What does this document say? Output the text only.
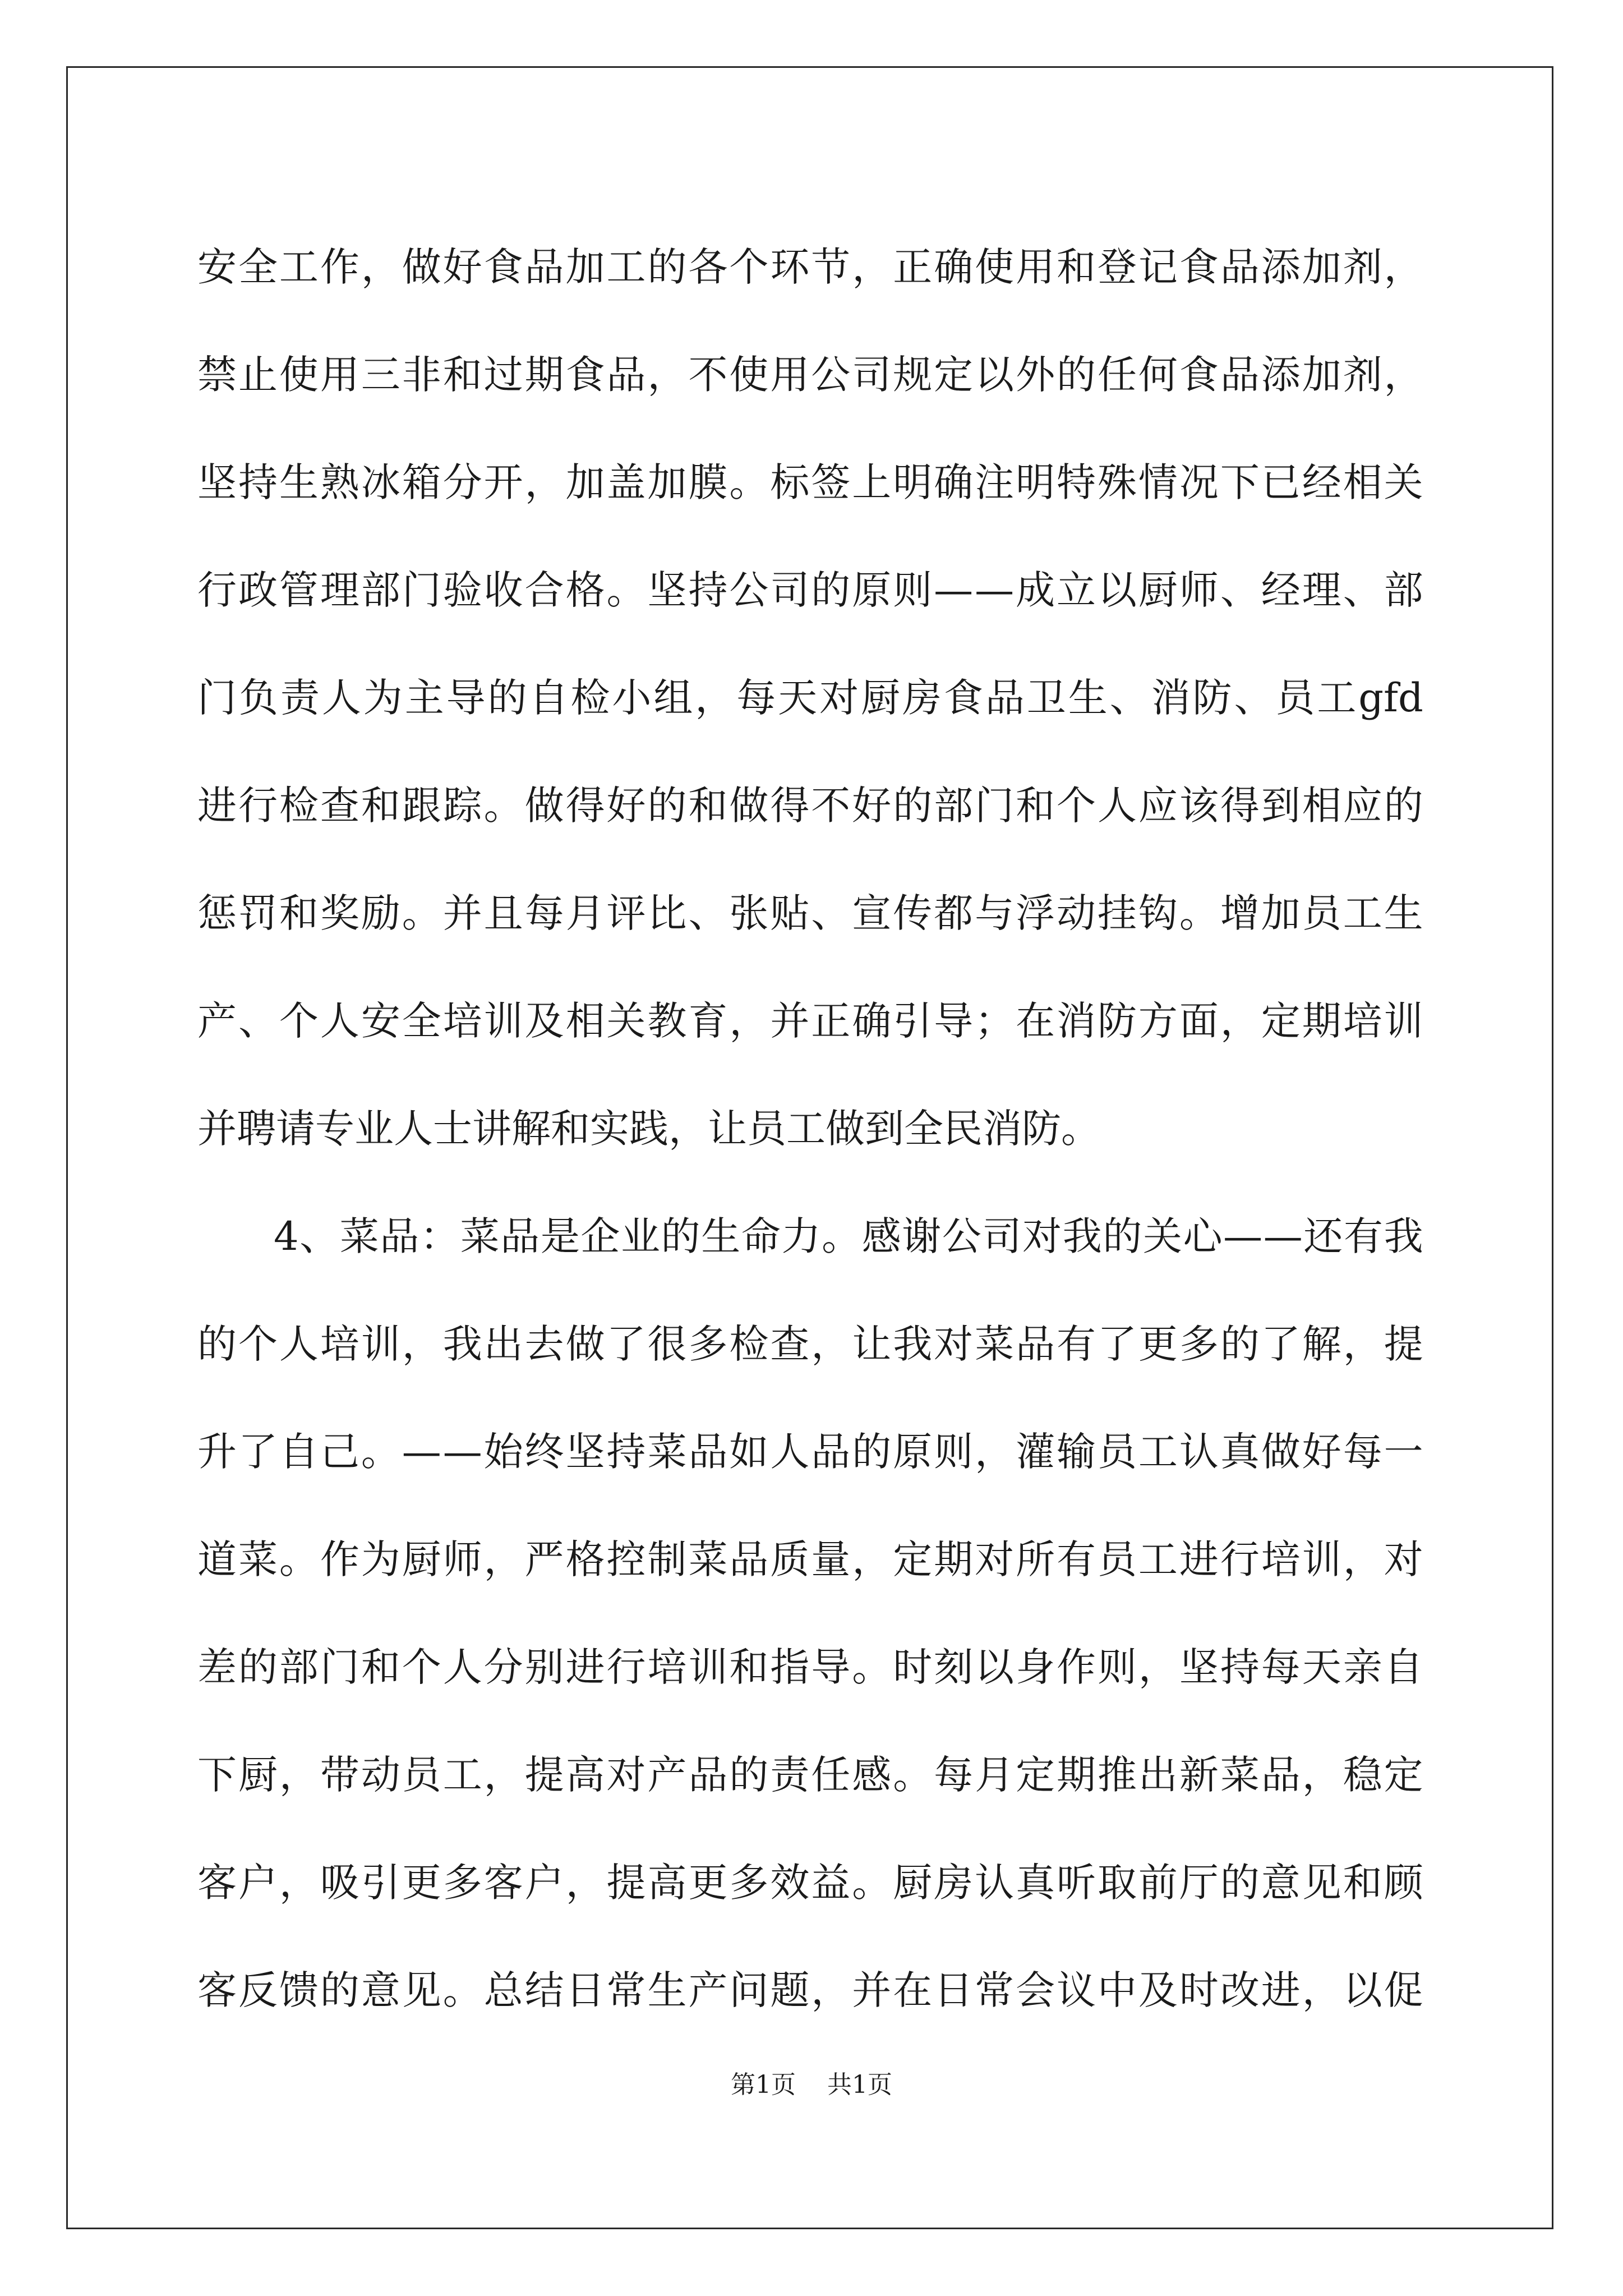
安 全 工 作 ， 做 好 食 品 加 工 的 各 个 环 节 ， 正 确 使 用 和 登 记 食 品 添 加 剂 ，
禁 止 使 用 三 非 和 过 期 食 品 ， 不 使 用 公 司 规 定 以 外 的 任 何 食 品 添 加 剂 ，
坚 持 生 熟 冰 箱 分 开 ， 加 盖 加 膜 。 标 签 上 明 确 注 明 特 殊 情 况 下 已 经 相 关
行 政 管 理 部 门 验 收 合 格 。 坚 持 公 司 的 原 则 — — 成 立 以 厨 师 、 经 理 、 部
门 负 责 人 为 主 导 的 自 检 小 组 ， 每 天 对 厨 房 食 品 卫 生 、 消 防 、 员 工 gfd
进 行 检 查 和 跟 踪 。 做 得 好 的 和 做 得 不 好 的 部 门 和 个 人 应 该 得 到 相 应 的
惩 罚 和 奖 励 。 并 且 每 月 评 比 、 张 贴 、 宣 传 都 与 浮 动 挂 钩 。 增 加 员 工 生
产 、 个 人 安 全 培 训 及 相 关 教 育 ， 并 正 确 引 导 ； 在 消 防 方 面 ， 定 期 培 训
并聘请专业人士讲解和实践，让员工做到全民消防。
4 、 菜 品 ： 菜 品 是 企 业 的 生 命 力 。 感 谢 公 司 对 我 的 关 心 — — 还 有 我
的 个 人 培 训 ， 我 出 去 做 了 很 多 检 查 ， 让 我 对 菜 品 有 了 更 多 的 了 解 ， 提
升 了 自 己 。 — — 始 终 坚 持 菜 品 如 人 品 的 原 则 ， 灌 输 员 工 认 真 做 好 每 一
道 菜 。 作 为 厨 师 ， 严 格 控 制 菜 品 质 量 ， 定 期 对 所 有 员 工 进 行 培 训 ， 对
差 的 部 门 和 个 人 分 别 进 行 培 训 和 指 导 。 时 刻 以 身 作 则 ， 坚 持 每 天 亲 自
下 厨 ， 带 动 员 工 ， 提 高 对 产 品 的 责 任 感 。 每 月 定 期 推 出 新 菜 品 ， 稳 定
客 户 ， 吸 引 更 多 客 户 ， 提 高 更 多 效 益 。 厨 房 认 真 听 取 前 厅 的 意 见 和 顾
客 反 馈 的 意 见 。 总 结 日 常 生 产 问 题 ， 并 在 日 常 会 议 中 及 时 改 进 ， 以 促
第1页 共1页
